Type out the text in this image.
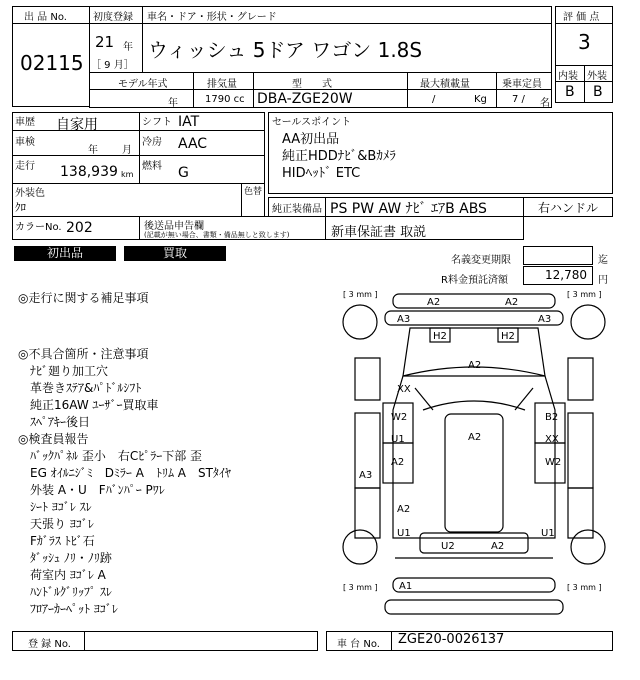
出 品 No.
02115
初度登録
21 年
［ 9 月］
車名・ドア・形状・グレード
ウィッシュ 5ドア ワゴン 1.8S
評 価 点
3
内装 外装
B B
モデル年式	排気量	型　　式	最大積載量	乗車定員
年	1790 cc DBA-ZGE20W	/	Kg	7 / 名
車歴 自家用	シフト IAT
車検
年 月
冷房 AAC
走行 138,939 km
燃料 G
外装色
ｸﾛ
色替
カラーNo. 202	後送品申告欄
(記載が無い場合、書類・備品無しと致します)
セールスポイント
AA初出品
純正HDDﾅﾋﾞ&Bｶﾒﾗ
HIDﾍｯﾄﾞ ETC
純正装備品 PS PW AW ﾅﾋﾞ ｴｱB ABS	右ハンドル
新車保証書 取説
初出品	買取
名義変更期限	迄
R料金預託済額	12,780 円
◎走行に関する補足事項
◎不具合箇所・注意事項
ﾅﾋﾞ廻り加工穴
革巻きｽﾃｱ&ﾊﾟﾄﾞﾙｼﾌﾄ
純正16AW ﾕｰｻﾞｰ買取車
ｽﾍﾟｱｷｰ後日
◎検査員報告
ﾊﾞｯｸﾊﾟﾈﾙ 歪小　右Cﾋﾟﾗｰ下部 歪
EG ｵｲﾙﾆｼﾞﾐ　Dﾐﾗｰ A　ﾄﾘﾑ A　STﾀｲﾔ
外装 A・U　Fﾊﾞﾝﾊﾟｰ Pﾜﾚ
ｼｰﾄ ﾖｺﾞﾚ ｽﾚ
天張り ﾖｺﾞﾚ
Fｶﾞﾗｽ ﾄﾋﾞ石
ﾀﾞｯｼｭ ﾉﾘ・ﾉﾘ跡
荷室内 ﾖｺﾞﾚ A
ﾊﾝﾄﾞﾙｸﾞﾘｯﾌﾟ ｽﾚ
ﾌﾛｱｰｶｰﾍﾟｯﾄ ﾖｺﾞﾚ
[ 3 mm ]	[ 3 mm ]
[ 3 mm ]	[ 3 mm ]
A2	A2
A3	A3
H2	H2
A2
XX
W2	B2
U1	A2	XX
A2	W2
A3
A2
U1	U1
U2	A2
A1
登 録 No.	車 台 No. ZGE20-0026137
